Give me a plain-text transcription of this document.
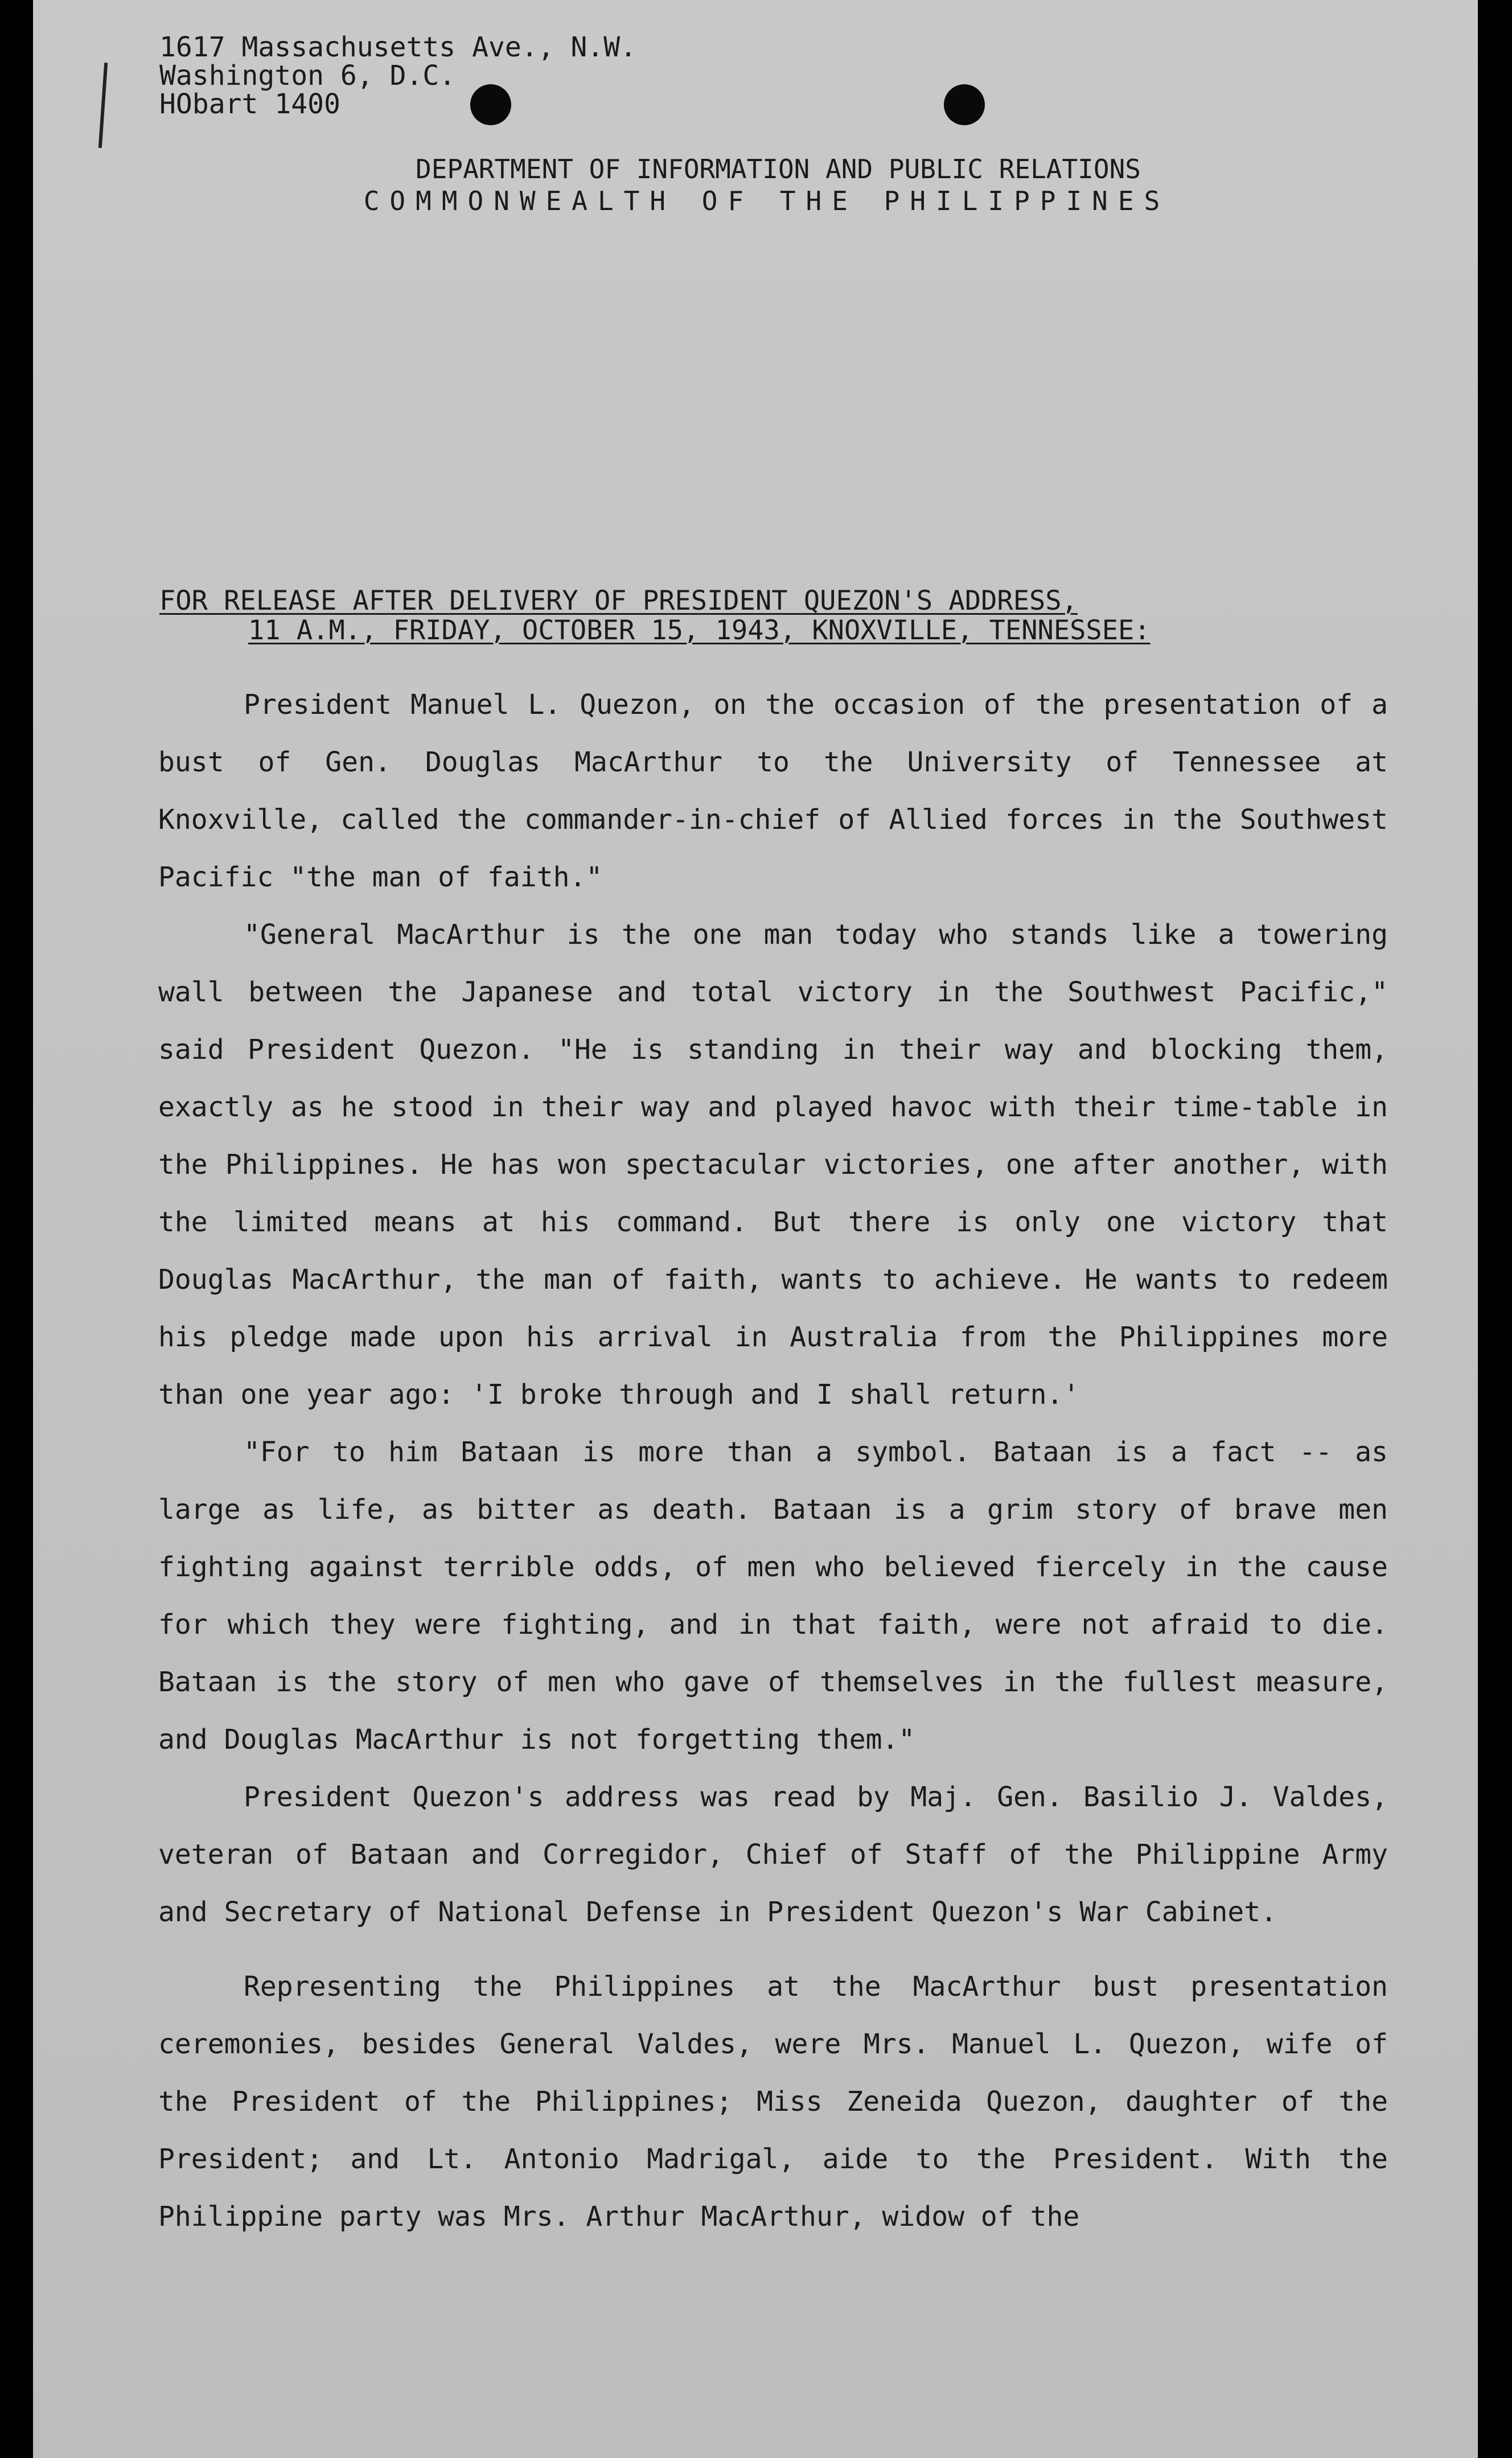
1617 Massachusetts Ave., N.W.
Washington 6, D.C.
HObart 1400
DEPARTMENT OF INFORMATION AND PUBLIC RELATIONS
COMMONWEALTH OF THE PHILIPPINES
FOR RELEASE AFTER DELIVERY OF PRESIDENT QUEZON'S ADDRESS,
11 A.M., FRIDAY, OCTOBER 15, 1943, KNOXVILLE, TENNESSEE:

President Manuel L. Quezon, on the occasion of the presentation of a bust of Gen. Douglas MacArthur to the University of Tennessee at Knoxville, called the commander-in-chief of Allied forces in the Southwest Pacific "the man of faith."

"General MacArthur is the one man today who stands like a towering wall between the Japanese and total victory in the Southwest Pacific," said President Quezon. "He is standing in their way and blocking them, exactly as he stood in their way and played havoc with their time-table in the Philippines. He has won spectacular victories, one after another, with the limited means at his command. But there is only one victory that Douglas MacArthur, the man of faith, wants to achieve. He wants to redeem his pledge made upon his arrival in Australia from the Philippines more than one year ago: 'I broke through and I shall return.'

"For to him Bataan is more than a symbol. Bataan is a fact -- as large as life, as bitter as death. Bataan is a grim story of brave men fighting against terrible odds, of men who believed fiercely in the cause for which they were fighting, and in that faith, were not afraid to die. Bataan is the story of men who gave of themselves in the fullest measure, and Douglas MacArthur is not forgetting them."

President Quezon's address was read by Maj. Gen. Basilio J. Valdes, veteran of Bataan and Corregidor, Chief of Staff of the Philippine Army and Secretary of National Defense in President Quezon's War Cabinet.

Representing the Philippines at the MacArthur bust presentation ceremonies, besides General Valdes, were Mrs. Manuel L. Quezon, wife of the President of the Philippines; Miss Zeneida Quezon, daughter of the President; and Lt. Antonio Madrigal, aide to the President. With the Philippine party was Mrs. Arthur MacArthur, widow of the
